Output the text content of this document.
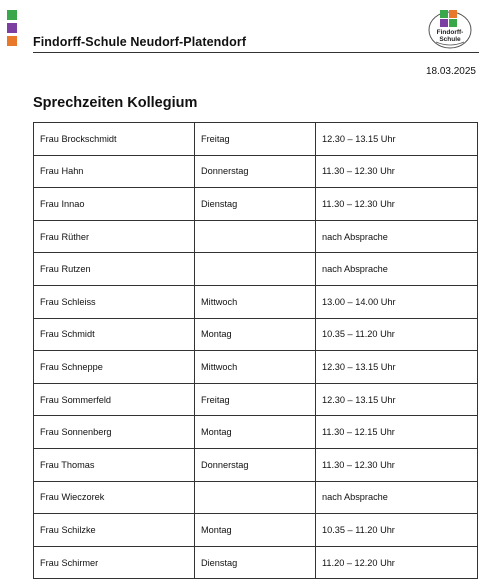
Findorff-Schule Neudorf-Platendorf
Findorff-Schule
18.03.2025
Sprechzeiten Kollegium
Frau Brockschmidt	Freitag	12.30 – 13.15 Uhr
Frau Hahn	Donnerstag	11.30 – 12.30 Uhr
Frau Innao	Dienstag	11.30 – 12.30 Uhr
Frau Rüther		nach Absprache
Frau Rutzen		nach Absprache
Frau Schleiss	Mittwoch	13.00 – 14.00 Uhr
Frau Schmidt	Montag	10.35 – 11.20 Uhr
Frau Schneppe	Mittwoch	12.30 – 13.15 Uhr
Frau Sommerfeld	Freitag	12.30 – 13.15 Uhr
Frau Sonnenberg	Montag	11.30 – 12.15 Uhr
Frau Thomas	Donnerstag	11.30 – 12.30 Uhr
Frau Wieczorek		nach Absprache
Frau Schilzke	Montag	10.35 – 11.20 Uhr
Frau Schirmer	Dienstag	11.20 – 12.20 Uhr
